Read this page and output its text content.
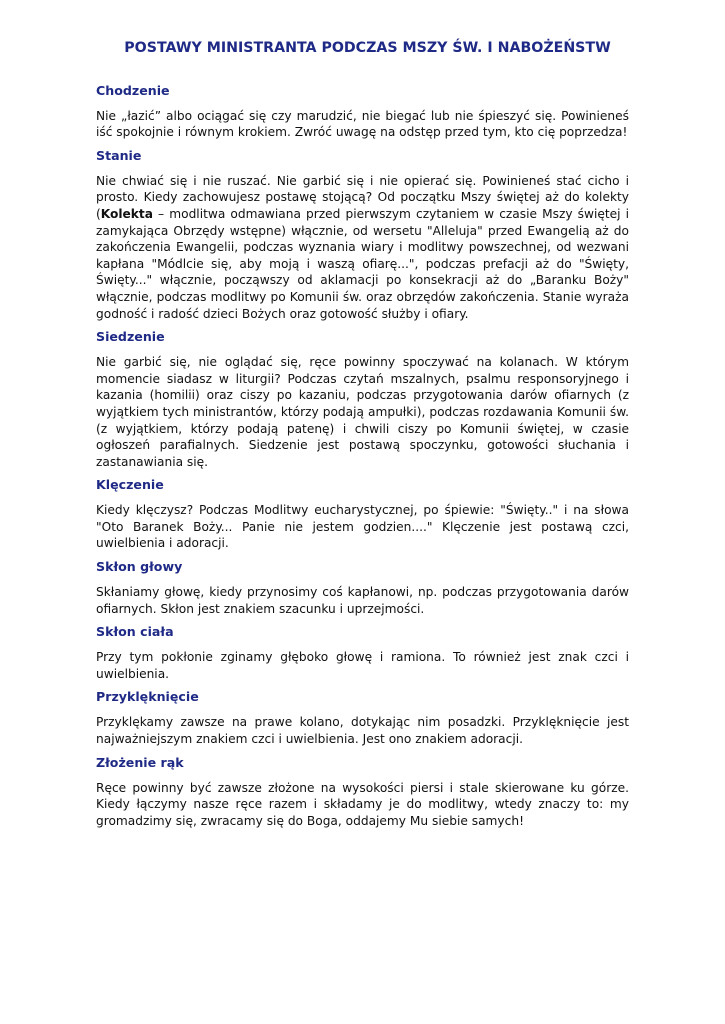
POSTAWY MINISTRANTA PODCZAS MSZY ŚW. I NABOŻEŃSTW
Chodzenie

Nie „łazić” albo ociągać się czy marudzić, nie biegać lub nie śpieszyć się. Powinieneś iść spokojnie i równym krokiem. Zwróć uwagę na odstęp przed tym, kto cię poprzedza!

Stanie

Nie chwiać się i nie ruszać. Nie garbić się i nie opierać się. Powinieneś stać cicho i prosto. Kiedy zachowujesz postawę stojącą? Od początku Mszy świętej aż do kolekty (Kolekta – modlitwa odmawiana przed pierwszym czytaniem w czasie Mszy świętej i zamykająca Obrzędy wstępne) włącznie, od wersetu "Alleluja" przed Ewangelią aż do zakończenia Ewangelii, podczas wyznania wiary i modlitwy powszechnej, od wezwani kapłana "Módlcie się, aby moją i waszą ofiarę...", podczas prefacji aż do "Święty, Święty..." włącznie, począwszy od aklamacji po konsekracji aż do „Baranku Boży" włącznie, podczas modlitwy po Komunii św. oraz obrzędów zakończenia. Stanie wyraża godność i radość dzieci Bożych oraz gotowość służby i ofiary.

Siedzenie

Nie garbić się, nie oglądać się, ręce powinny spoczywać na kolanach. W którym momencie siadasz w liturgii? Podczas czytań mszalnych, psalmu responsoryjnego i kazania (homilii) oraz ciszy po kazaniu, podczas przygotowania darów ofiarnych (z wyjątkiem tych ministrantów, którzy podają ampułki), podczas rozdawania Komunii św. (z wyjątkiem, którzy podają patenę) i chwili ciszy po Komunii świętej, w czasie ogłoszeń parafialnych. Siedzenie jest postawą spoczynku, gotowości słuchania i zastanawiania się.

Klęczenie

Kiedy klęczysz? Podczas Modlitwy eucharystycznej, po śpiewie: "Święty.." i na słowa "Oto Baranek Boży... Panie nie jestem godzien...." Klęczenie jest postawą czci, uwielbienia i adoracji.

Skłon głowy

Skłaniamy głowę, kiedy przynosimy coś kapłanowi, np. podczas przygotowania darów ofiarnych. Skłon jest znakiem szacunku i uprzejmości.

Skłon ciała

Przy tym pokłonie zginamy głęboko głowę i ramiona. To również jest znak czci i uwielbienia.

Przyklęknięcie

Przyklękamy zawsze na prawe kolano, dotykając nim posadzki. Przyklęknięcie jest najważniejszym znakiem czci i uwielbienia. Jest ono znakiem adoracji.

Złożenie rąk

Ręce powinny być zawsze złożone na wysokości piersi i stale skierowane ku górze. Kiedy łączymy nasze ręce razem i składamy je do modlitwy, wtedy znaczy to: my gromadzimy się, zwracamy się do Boga, oddajemy Mu siebie samych!
